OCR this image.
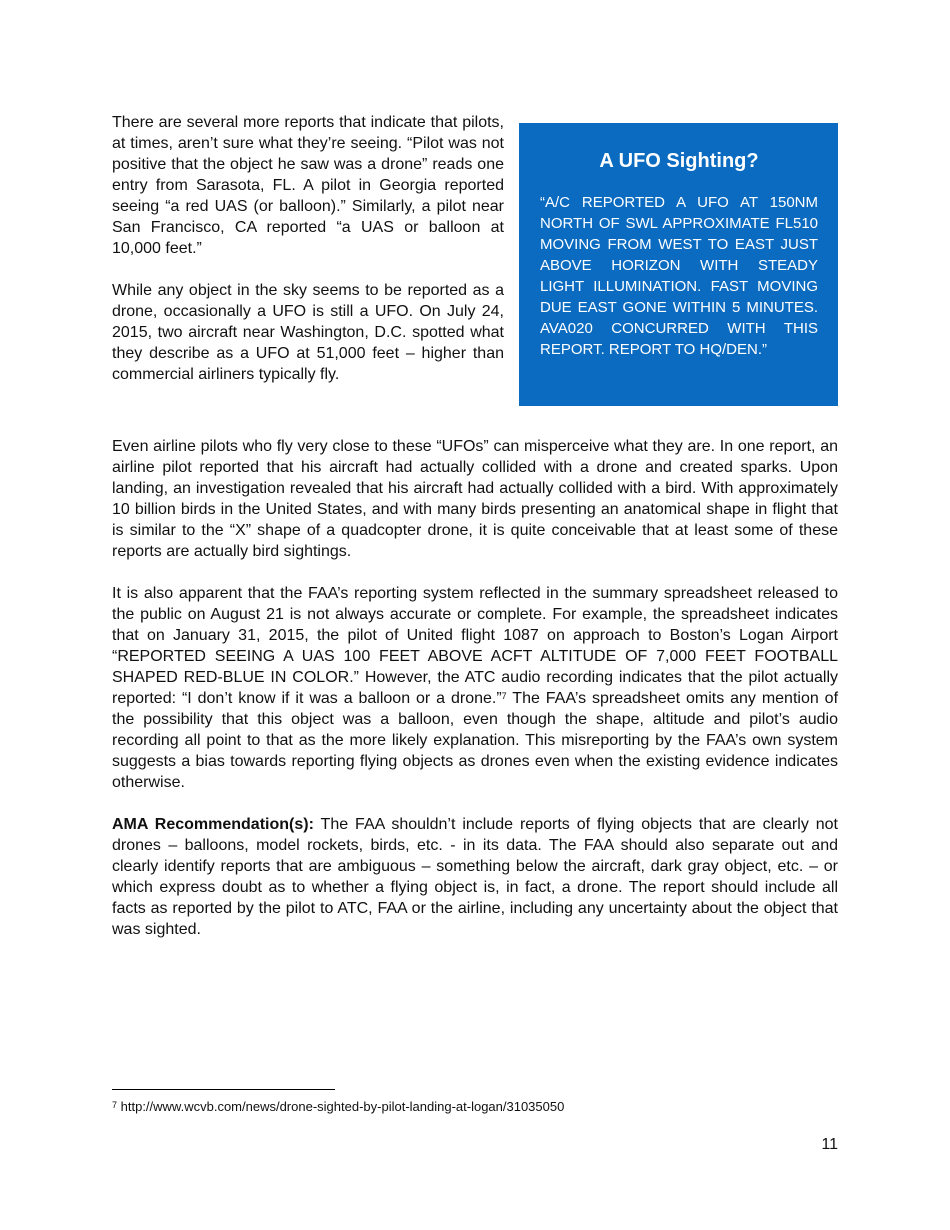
There are several more reports that indicate that pilots, at times, aren’t sure what they’re seeing. “Pilot was not positive that the object he saw was a drone” reads one entry from Sarasota, FL. A pilot in Georgia reported seeing “a red UAS (or balloon).” Similarly, a pilot near San Francisco, CA reported “a UAS or balloon at 10,000 feet.”

While any object in the sky seems to be reported as a drone, occasionally a UFO is still a UFO. On July 24, 2015, two aircraft near Washington, D.C. spotted what they describe as a UFO at 51,000 feet – higher than commercial airliners typically fly.

A UFO Sighting?

“A/C REPORTED A UFO AT 150NM NORTH OF SWL APPROXIMATE FL510 MOVING FROM WEST TO EAST JUST ABOVE HORIZON WITH STEADY LIGHT ILLUMINATION. FAST MOVING DUE EAST GONE WITHIN 5 MINUTES. AVA020 CONCURRED WITH THIS REPORT. REPORT TO HQ/DEN.”

Even airline pilots who fly very close to these “UFOs” can misperceive what they are. In one report, an airline pilot reported that his aircraft had actually collided with a drone and created sparks. Upon landing, an investigation revealed that his aircraft had actually collided with a bird. With approximately 10 billion birds in the United States, and with many birds presenting an anatomical shape in flight that is similar to the “X” shape of a quadcopter drone, it is quite conceivable that at least some of these reports are actually bird sightings.

It is also apparent that the FAA’s reporting system reflected in the summary spreadsheet released to the public on August 21 is not always accurate or complete. For example, the spreadsheet indicates that on January 31, 2015, the pilot of United flight 1087 on approach to Boston’s Logan Airport “REPORTED SEEING A UAS 100 FEET ABOVE ACFT ALTITUDE OF 7,000 FEET FOOTBALL SHAPED RED-BLUE IN COLOR.” However, the ATC audio recording indicates that the pilot actually reported: “I don’t know if it was a balloon or a drone.”$^7$ The FAA’s spreadsheet omits any mention of the possibility that this object was a balloon, even though the shape, altitude and pilot’s audio recording all point to that as the more likely explanation. This misreporting by the FAA’s own system suggests a bias towards reporting flying objects as drones even when the existing evidence indicates otherwise.

AMA Recommendation(s): The FAA shouldn’t include reports of flying objects that are clearly not drones – balloons, model rockets, birds, etc. - in its data. The FAA should also separate out and clearly identify reports that are ambiguous – something below the aircraft, dark gray object, etc. – or which express doubt as to whether a flying object is, in fact, a drone. The report should include all facts as reported by the pilot to ATC, FAA or the airline, including any uncertainty about the object that was sighted.

$^7$ http://www.wcvb.com/news/drone-sighted-by-pilot-landing-at-logan/31035050
11
